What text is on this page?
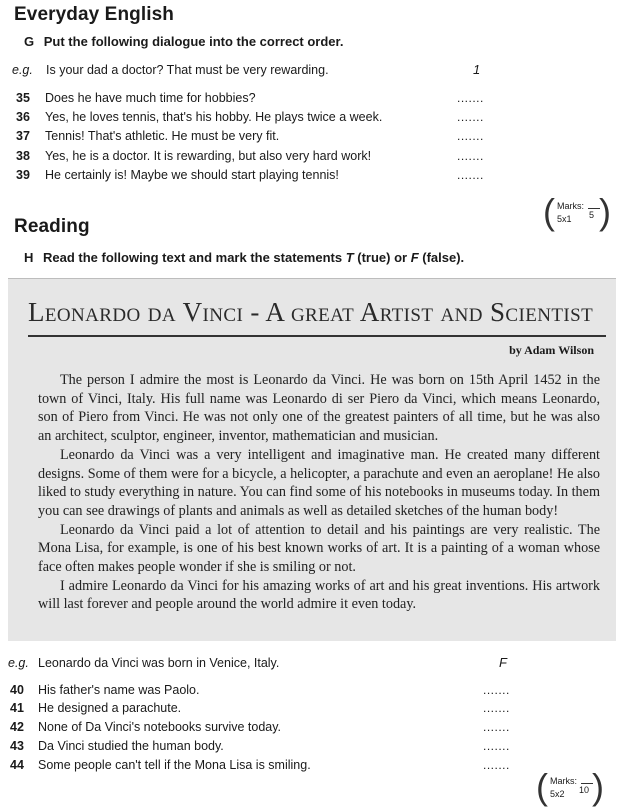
Everyday English
G Put the following dialogue into the correct order.
e.g. Is your dad a doctor? That must be very rewarding.	1
35	Does he have much time for hobbies?	.......
36	Yes, he loves tennis, that's his hobby. He plays twice a week.	.......
37	Tennis! That's athletic. He must be very fit.	.......
38	Yes, he is a doctor. It is rewarding, but also very hard work!	.......
39	He certainly is! Maybe we should start playing tennis!	.......
( Marks:
5x1 5 )
Reading
H Read the following text and mark the statements T (true) or F (false).
Leonardo da Vinci - A great Artist and Scientist
by Adam Wilson

The person I admire the most is Leonardo da Vinci. He was born on 15th April 1452 in the town of Vinci, Italy. His full name was Leonardo di ser Piero da Vinci, which means Leonardo, son of Piero from Vinci. He was not only one of the greatest painters of all time, but he was also an architect, sculptor, engineer, inventor, mathematician and musician.

Leonardo da Vinci was a very intelligent and imaginative man. He created many different designs. Some of them were for a bicycle, a helicopter, a parachute and even an aeroplane! He also liked to study everything in nature. You can find some of his notebooks in museums today. In them you can see drawings of plants and animals as well as detailed sketches of the human body!

Leonardo da Vinci paid a lot of attention to detail and his paintings are very realistic. The Mona Lisa, for example, is one of his best known works of art. It is a painting of a woman whose face often makes people wonder if she is smiling or not.

I admire Leonardo da Vinci for his amazing works of art and his great inventions. His artwork will last forever and people around the world admire it even today.

e.g. Leonardo da Vinci was born in Venice, Italy.	F
40	His father's name was Paolo.	.......
41	He designed a parachute.	.......
42	None of Da Vinci's notebooks survive today.	.......
43	Da Vinci studied the human body.	.......
44	Some people can't tell if the Mona Lisa is smiling.	.......
( Marks:
5x2 10 )
